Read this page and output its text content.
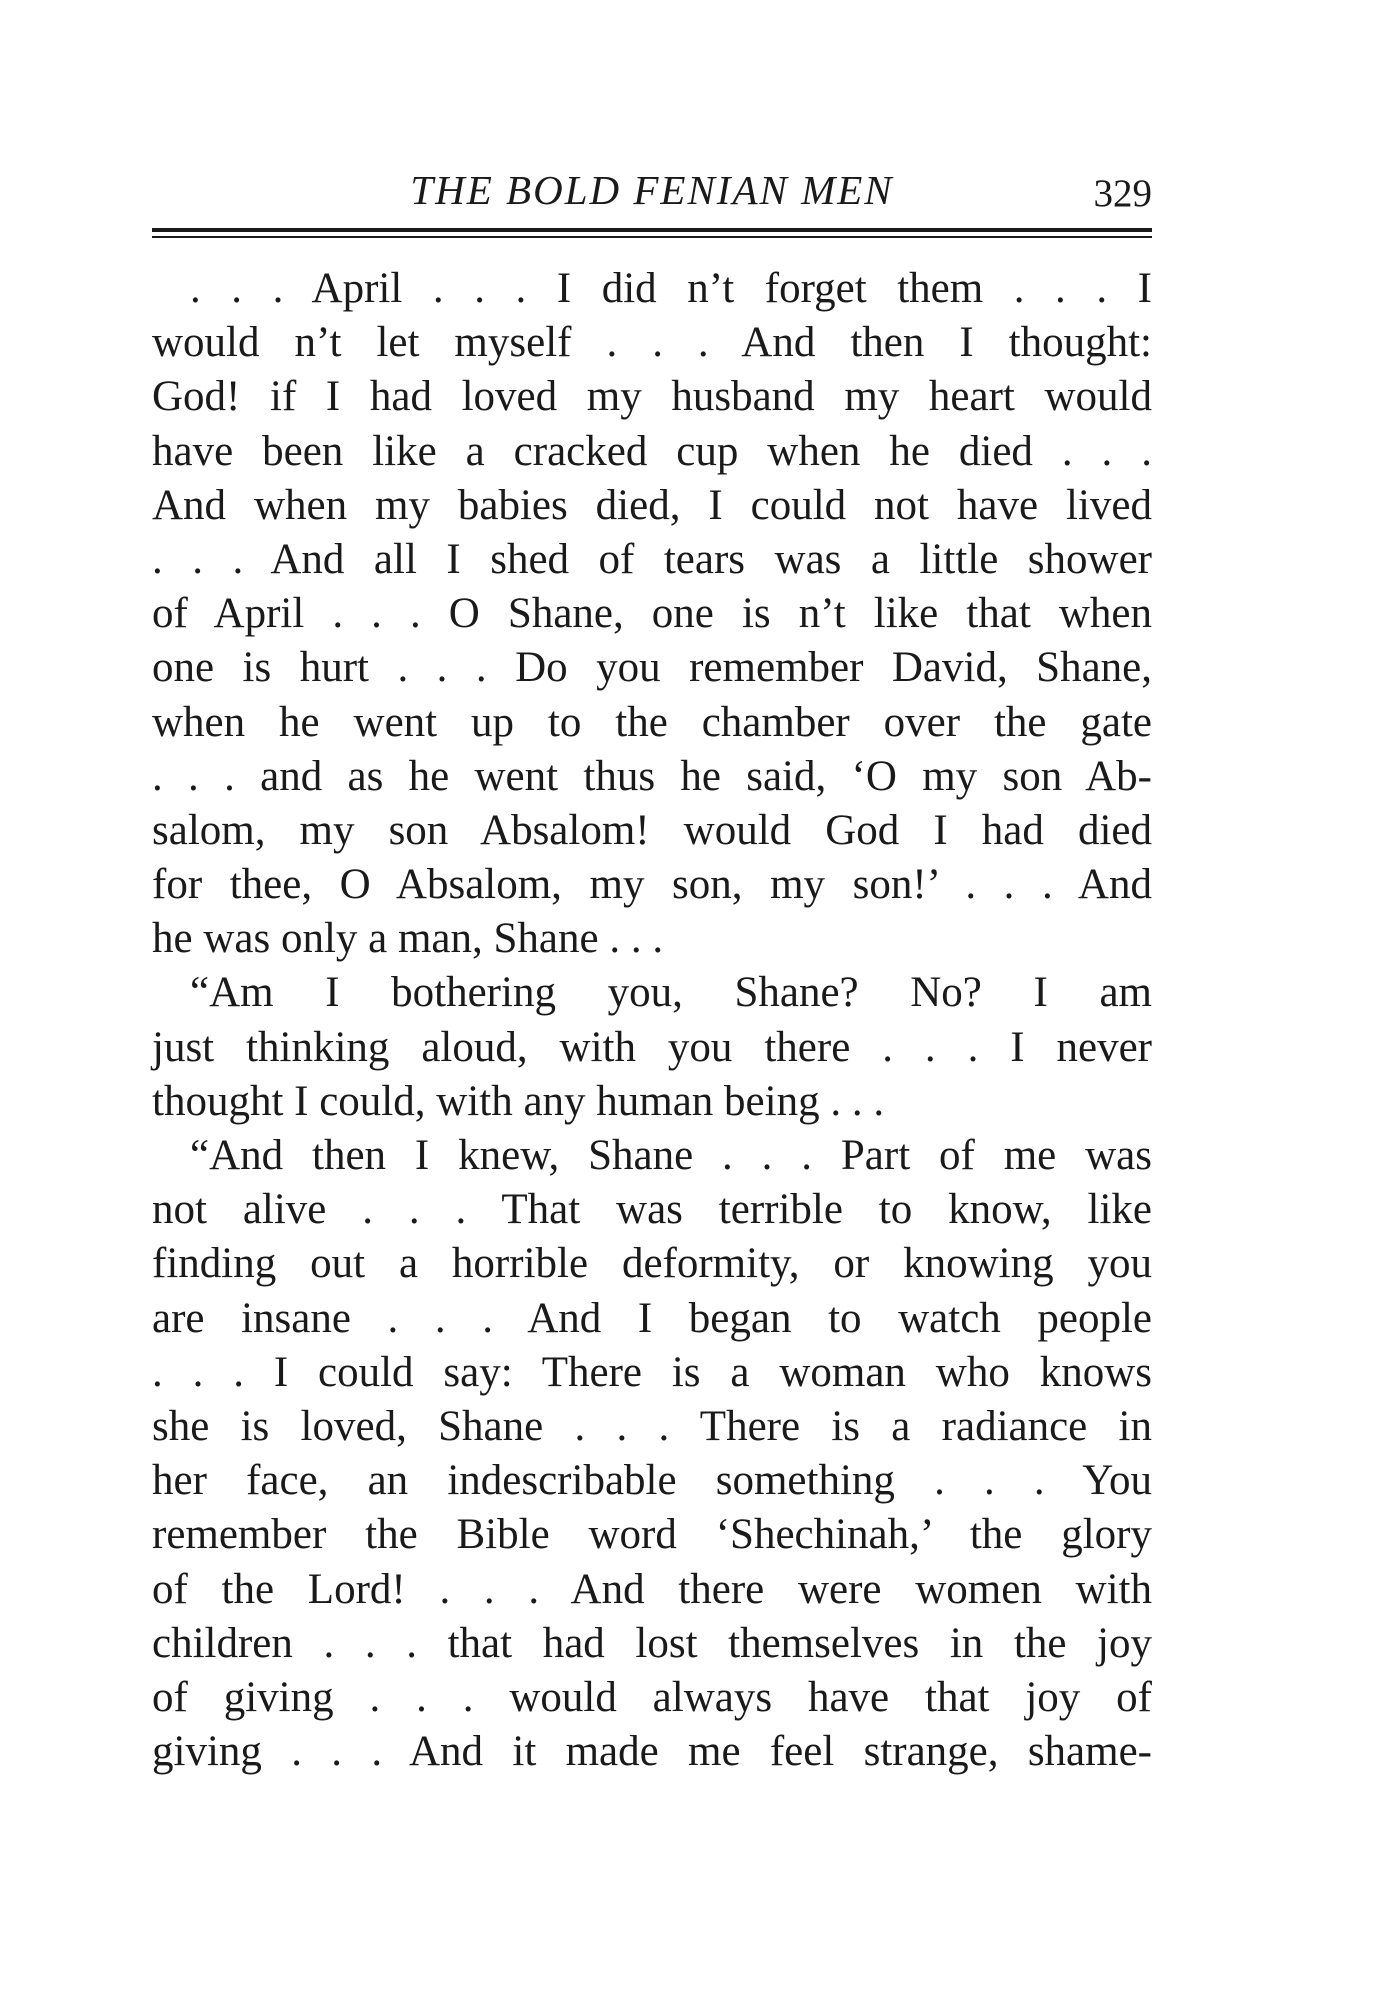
THE BOLD FENIAN MEN	329
. . . April . . . I did n’t forget them . . . I
would n’t let myself . . . And then I thought:
God! if I had loved my husband my heart would
have been like a cracked cup when he died . . .
And when my babies died, I could not have lived
. . . And all I shed of tears was a little shower
of April . . . O Shane, one is n’t like that when
one is hurt . . . Do you remember David, Shane,
when he went up to the chamber over the gate
. . . and as he went thus he said, ‘O my son Ab-
salom, my son Absalom! would God I had died
for thee, O Absalom, my son, my son!’ . . . And
he was only a man, Shane . . .
“Am I bothering you, Shane? No? I am
just thinking aloud, with you there . . . I never
thought I could, with any human being . . .
“And then I knew, Shane . . . Part of me was
not alive . . . That was terrible to know, like
finding out a horrible deformity, or knowing you
are insane . . . And I began to watch people
. . . I could say: There is a woman who knows
she is loved, Shane . . . There is a radiance in
her face, an indescribable something . . . You
remember the Bible word ‘Shechinah,’ the glory
of the Lord! . . . And there were women with
children . . . that had lost themselves in the joy
of giving . . . would always have that joy of
giving . . . And it made me feel strange, shame-
